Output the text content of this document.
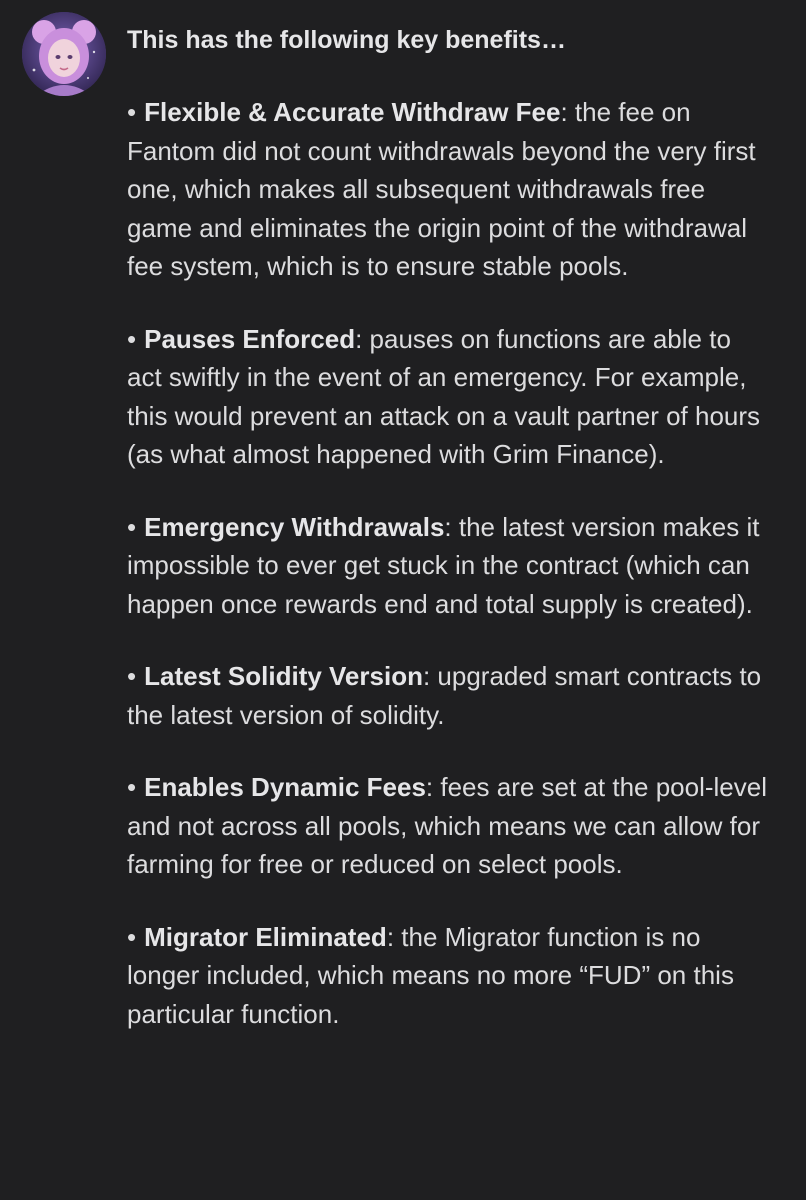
This has the following key benefits…
• Flexible & Accurate Withdraw Fee: the fee on Fantom did not count withdrawals beyond the very first one, which makes all subsequent withdrawals free game and eliminates the origin point of the withdrawal fee system, which is to ensure stable pools.
• Pauses Enforced: pauses on functions are able to act swiftly in the event of an emergency. For example, this would prevent an attack on a vault partner of hours (as what almost happened with Grim Finance).
• Emergency Withdrawals: the latest version makes it impossible to ever get stuck in the contract (which can happen once rewards end and total supply is created).
• Latest Solidity Version: upgraded smart contracts to the latest version of solidity.
• Enables Dynamic Fees: fees are set at the pool-level and not across all pools, which means we can allow for farming for free or reduced on select pools.
• Migrator Eliminated: the Migrator function is no longer included, which means no more “FUD” on this particular function.
